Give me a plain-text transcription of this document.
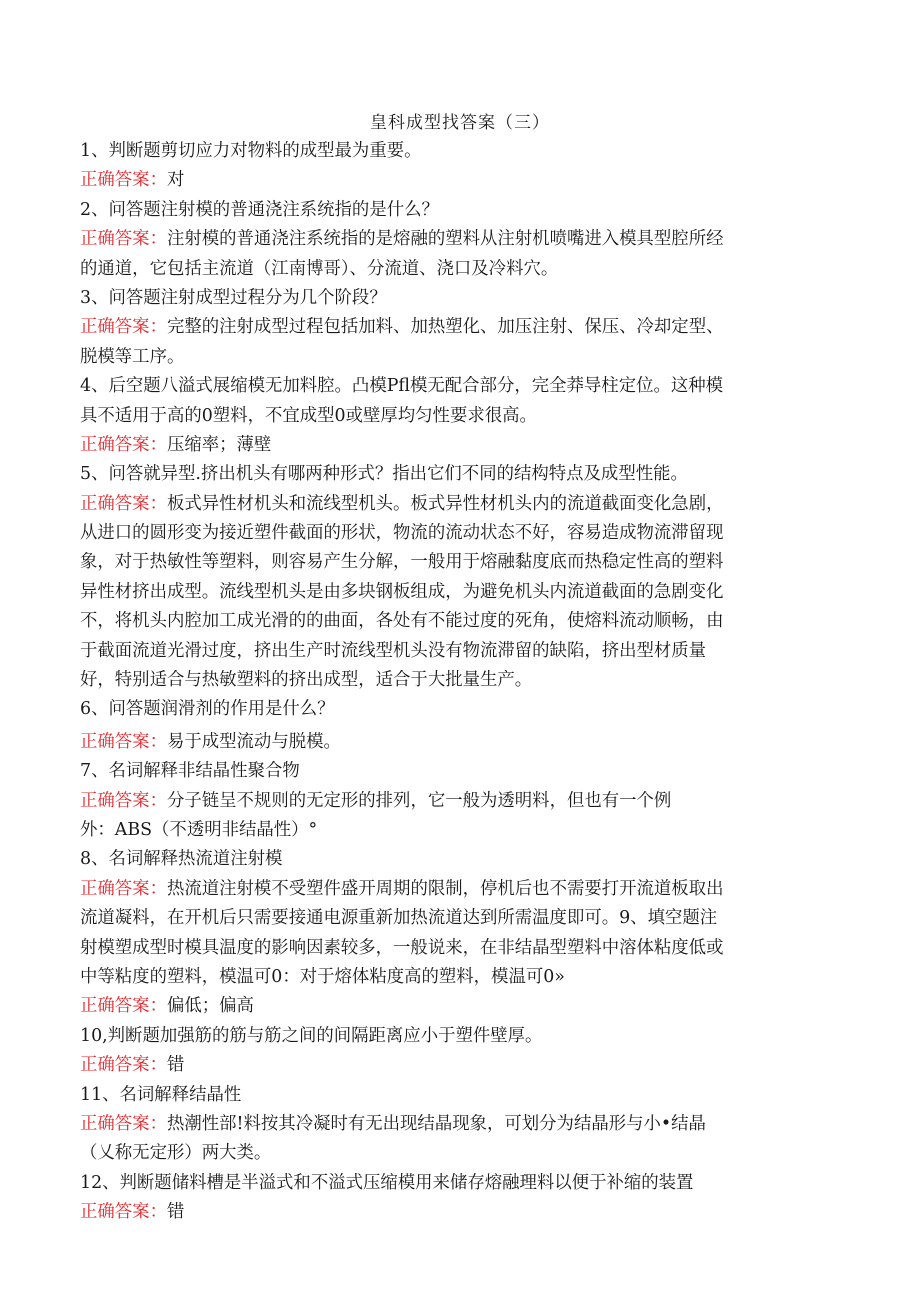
皇科成型找答案（三）
1、判断题剪切应力对物料的成型最为重要。
正确答案：对
2、问答题注射模的普通浇注系统指的是什么？
正确答案：注射模的普通浇注系统指的是熔融的塑料从注射机喷嘴进入模具型腔所经
的通道，它包括主流道（江南博哥）、分流道、浇口及冷料穴。
3、问答题注射成型过程分为几个阶段？
正确答案：完整的注射成型过程包括加料、加热塑化、加压注射、保压、冷却定型、
脱模等工序。
4、后空题八溢式展缩模无加料腔。凸模Pfl模无配合部分，完全莽导柱定位。这种模
具不适用于高的0塑料，不宜成型0或壁厚均匀性要求很高。
正确答案：压缩率；薄壁
5、问答就异型.挤出机头有哪两种形式？指出它们不同的结构特点及成型性能。
正确答案：板式异性材机头和流线型机头。板式异性材机头内的流道截面变化急剧，
从进口的圆形变为接近塑件截面的形状，物流的流动状态不好，容易造成物流滞留现
象，对于热敏性等塑料，则容易产生分解，一般用于熔融黏度底而热稳定性高的塑料
异性材挤出成型。流线型机头是由多块钢板组成，为避免机头内流道截面的急剧变化
不，将机头内腔加工成光滑的的曲面，各处有不能过度的死角，使熔料流动顺畅，由
于截面流道光滑过度，挤出生产时流线型机头没有物流滞留的缺陷，挤出型材质量
好，特别适合与热敏塑料的挤出成型，适合于大批量生产。
6、问答题润滑剂的作用是什么？
正确答案：易于成型流动与脱模。
7、名词解释非结晶性聚合物
正确答案：分子链呈不规则的无定形的排列，它一般为透明料，但也有一个例
外：ABS（不透明非结晶性）°
8、名词解释热流道注射模
正确答案：热流道注射模不受塑件盛开周期的限制，停机后也不需要打开流道板取出
流道凝料，在开机后只需要接通电源重新加热流道达到所需温度即可。9、填空题注
射模塑成型时模具温度的影响因素较多，一般说来，在非结晶型塑料中溶体粘度低或
中等粘度的塑料，模温可0：对于熔体粘度高的塑料，模温可0»
正确答案：偏低；偏高
10,判断题加强筋的筋与筋之间的间隔距离应小于塑件壁厚。
正确答案：错
11、名词解释结晶性
正确答案：热潮性部!料按其冷凝时有无出现结晶现象，可划分为结晶形与小•结晶
（乂称无定形）两大类。
12、判断题储料槽是半溢式和不溢式压缩模用来储存熔融理料以便于补缩的装置
正确答案：错
